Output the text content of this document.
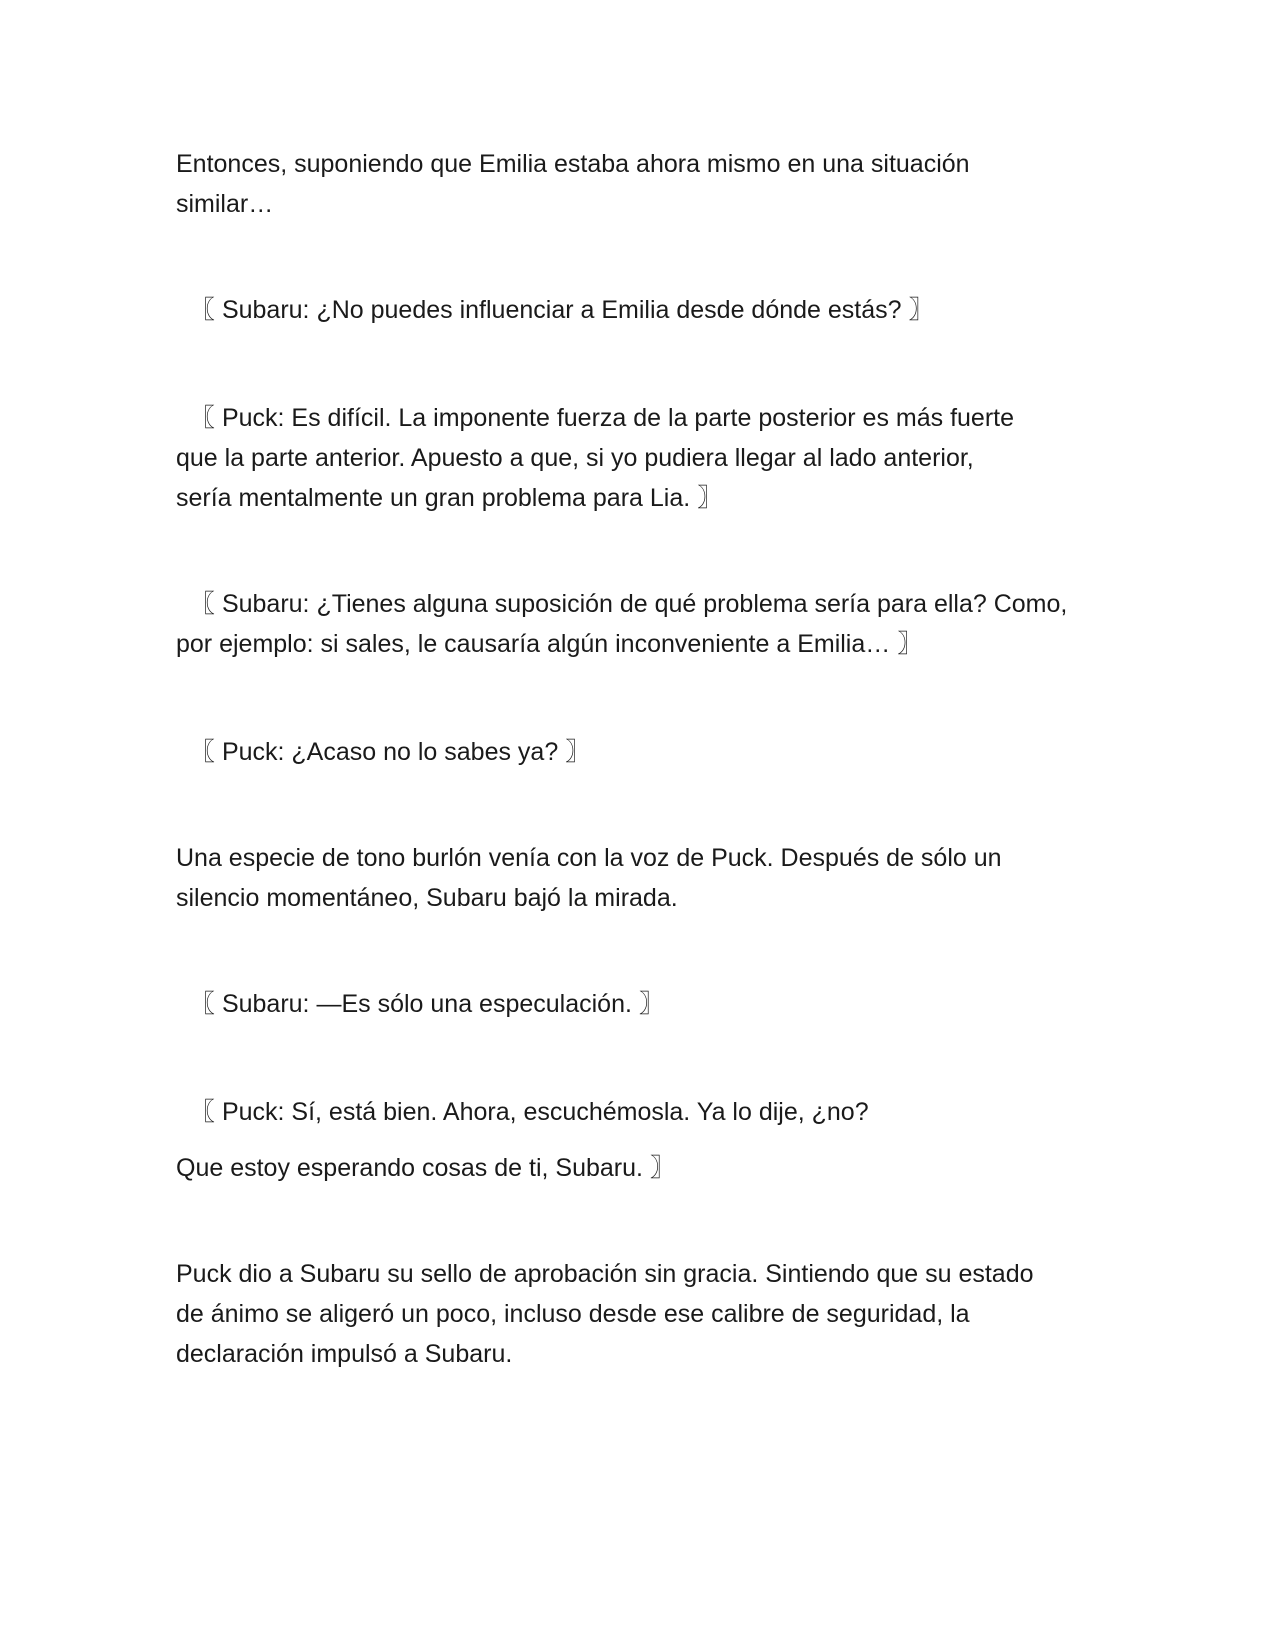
Entonces, suponiendo que Emilia estaba ahora mismo en una situación
similar…

〖 Subaru: ¿No puedes influenciar a Emilia desde dónde estás? 〗

〖 Puck: Es difícil. La imponente fuerza de la parte posterior es más fuerte
que la parte anterior. Apuesto a que, si yo pudiera llegar al lado anterior,
sería mentalmente un gran problema para Lia. 〗

〖 Subaru: ¿Tienes alguna suposición de qué problema sería para ella? Como,
por ejemplo: si sales, le causaría algún inconveniente a Emilia… 〗

〖 Puck: ¿Acaso no lo sabes ya? 〗

Una especie de tono burlón venía con la voz de Puck. Después de sólo un
silencio momentáneo, Subaru bajó la mirada.

〖 Subaru: —Es sólo una especulación. 〗

〖 Puck: Sí, está bien. Ahora, escuchémosla. Ya lo dije, ¿no?

Que estoy esperando cosas de ti, Subaru. 〗

Puck dio a Subaru su sello de aprobación sin gracia. Sintiendo que su estado
de ánimo se aligeró un poco, incluso desde ese calibre de seguridad, la
declaración impulsó a Subaru.
